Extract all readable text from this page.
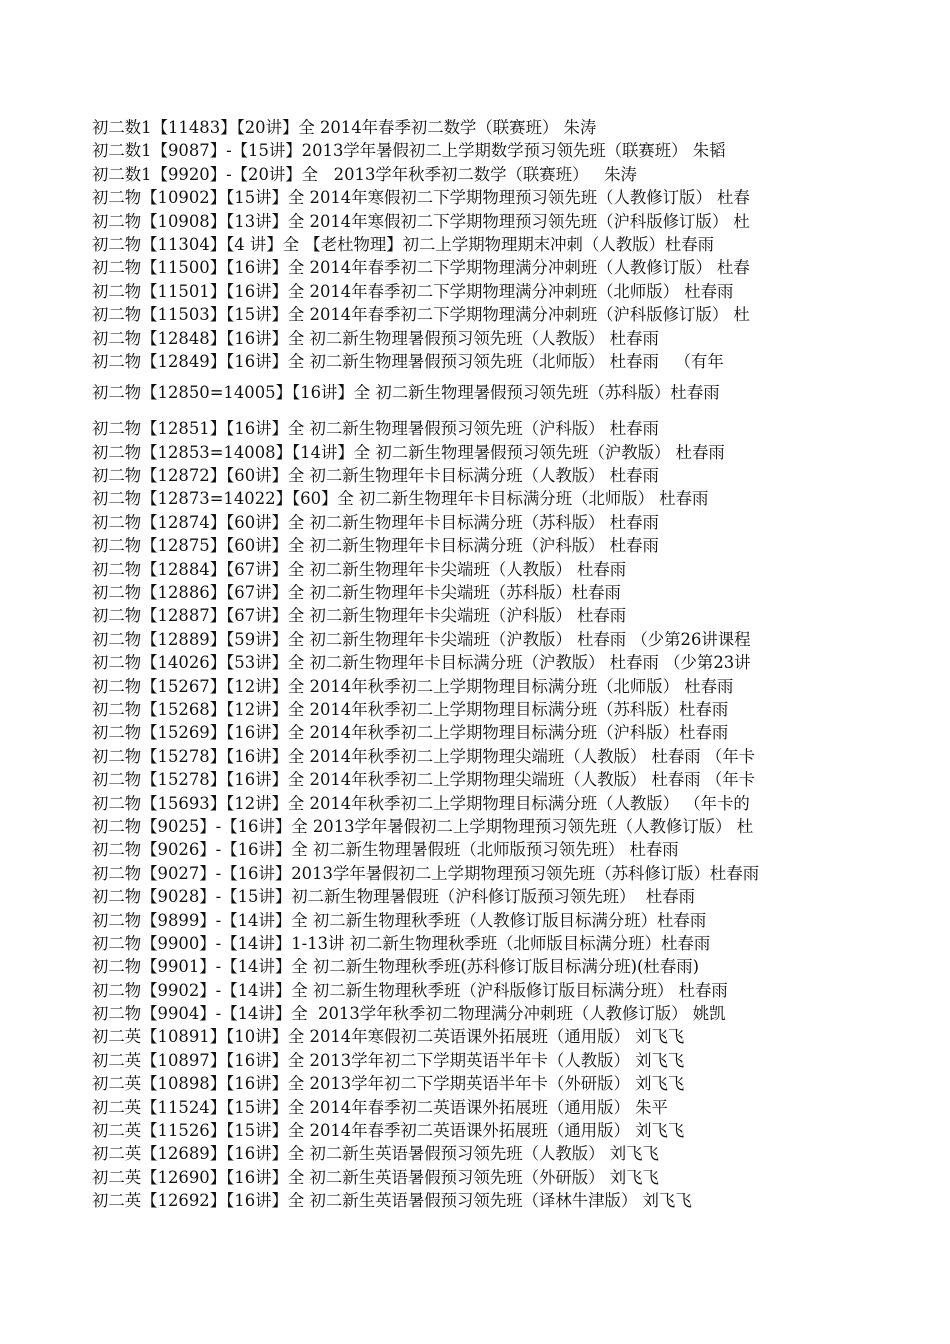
初二数1【11483】【20讲】全 2014年春季初二数学（联赛班） 朱涛
初二数1【9087】-【15讲】2013学年暑假初二上学期数学预习领先班（联赛班） 朱韬
初二数1【9920】-【20讲】全   2013学年秋季初二数学（联赛班）   朱涛
初二物【10902】【15讲】全 2014年寒假初二下学期物理预习领先班（人教修订版） 杜春
初二物【10908】【13讲】全 2014年寒假初二下学期物理预习领先班（沪科版修订版） 杜
初二物【11304】【4 讲】全 【老杜物理】初二上学期物理期末冲刺（人教版）杜春雨
初二物【11500】【16讲】全 2014年春季初二下学期物理满分冲刺班（人教修订版） 杜春
初二物【11501】【16讲】全 2014年春季初二下学期物理满分冲刺班（北师版） 杜春雨
初二物【11503】【15讲】全 2014年春季初二下学期物理满分冲刺班（沪科版修订版） 杜
初二物【12848】【16讲】全 初二新生物理暑假预习领先班（人教版） 杜春雨
初二物【12849】【16讲】全 初二新生物理暑假预习领先班（北师版） 杜春雨   （有年
初二物【12850=14005】【16讲】全 初二新生物理暑假预习领先班（苏科版）杜春雨
初二物【12851】【16讲】全 初二新生物理暑假预习领先班（沪科版） 杜春雨
初二物【12853=14008】【14讲】全 初二新生物理暑假预习领先班（沪教版） 杜春雨
初二物【12872】【60讲】全 初二新生物理年卡目标满分班（人教版） 杜春雨
初二物【12873=14022】【60】全 初二新生物理年卡目标满分班（北师版） 杜春雨
初二物【12874】【60讲】全 初二新生物理年卡目标满分班（苏科版） 杜春雨
初二物【12875】【60讲】全 初二新生物理年卡目标满分班（沪科版） 杜春雨
初二物【12884】【67讲】全 初二新生物理年卡尖端班（人教版） 杜春雨
初二物【12886】【67讲】全 初二新生物理年卡尖端班（苏科版）杜春雨
初二物【12887】【67讲】全 初二新生物理年卡尖端班（沪科版） 杜春雨
初二物【12889】【59讲】全 初二新生物理年卡尖端班（沪教版） 杜春雨 （少第26讲课程
初二物【14026】【53讲】全 初二新生物理年卡目标满分班（沪教版） 杜春雨 （少第23讲
初二物【15267】【12讲】全 2014年秋季初二上学期物理目标满分班（北师版） 杜春雨
初二物【15268】【12讲】全 2014年秋季初二上学期物理目标满分班（苏科版）杜春雨
初二物【15269】【16讲】全 2014年秋季初二上学期物理目标满分班（沪科版）杜春雨
初二物【15278】【16讲】全 2014年秋季初二上学期物理尖端班（人教版） 杜春雨 （年卡
初二物【15278】【16讲】全 2014年秋季初二上学期物理尖端班（人教版） 杜春雨 （年卡
初二物【15693】【12讲】全 2014年秋季初二上学期物理目标满分班（人教版） （年卡的
初二物【9025】-【16讲】全 2013学年暑假初二上学期物理预习领先班（人教修订版） 杜
初二物【9026】-【16讲】全 初二新生物理暑假班（北师版预习领先班） 杜春雨
初二物【9027】-【16讲】2013学年暑假初二上学期物理预习领先班（苏科修订版）杜春雨
初二物【9028】-【15讲】初二新生物理暑假班（沪科修订版预习领先班）  杜春雨
初二物【9899】-【14讲】全 初二新生物理秋季班（人教修订版目标满分班）杜春雨
初二物【9900】-【14讲】1-13讲 初二新生物理秋季班（北师版目标满分班）杜春雨
初二物【9901】-【14讲】全 初二新生物理秋季班(苏科修订版目标满分班)(杜春雨)
初二物【9902】-【14讲】全 初二新生物理秋季班（沪科版修订版目标满分班） 杜春雨
初二物【9904】-【14讲】全  2013学年秋季初二物理满分冲刺班（人教修订版） 姚凯
初二英【10891】【10讲】全 2014年寒假初二英语课外拓展班（通用版） 刘飞飞
初二英【10897】【16讲】全 2013学年初二下学期英语半年卡（人教版） 刘飞飞
初二英【10898】【16讲】全 2013学年初二下学期英语半年卡（外研版） 刘飞飞
初二英【11524】【15讲】全 2014年春季初二英语课外拓展班（通用版） 朱平
初二英【11526】【15讲】全 2014年春季初二英语课外拓展班（通用版） 刘飞飞
初二英【12689】【16讲】全 初二新生英语暑假预习领先班（人教版） 刘飞飞
初二英【12690】【16讲】全 初二新生英语暑假预习领先班（外研版） 刘飞飞
初二英【12692】【16讲】全 初二新生英语暑假预习领先班（译林牛津版） 刘飞飞
